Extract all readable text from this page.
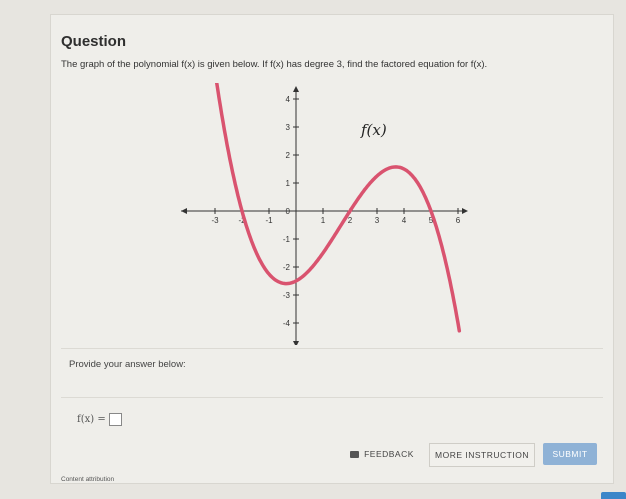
Question
The graph of the polynomial f(x) is given below. If f(x) has degree 3, find the factored equation for f(x).
-3 -2 -1	1	2	3	4	5	6
4
3
2
1
0
-1
-2
-3
-4
f(x)
Provide your answer below:
f(x) =
FEEDBACK MORE INSTRUCTION	SUBMIT
Content attribution
